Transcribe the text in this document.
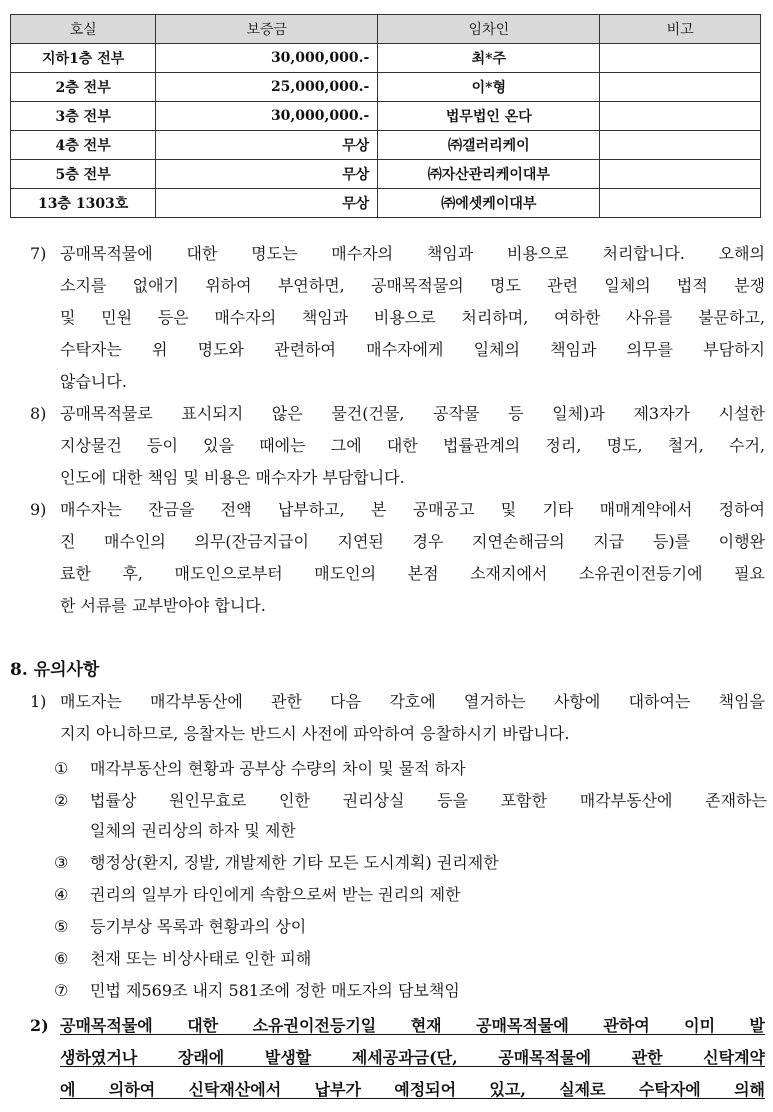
호실	보증금	임차인	비고
지하1층 전부	30,000,000.-	최*주	
2층 전부	25,000,000.-	이*형	
3층 전부	30,000,000.-	법무법인 온다	
4층 전부	무상	㈜갤러리케이	
5층 전부	무상	㈜자산관리케이대부	
13층 1303호	무상	㈜에셋케이대부	
7) 공매목적물에 대한 명도는 매수자의 책임과 비용으로 처리합니다. 오해의
소지를 없애기 위하여 부연하면, 공매목적물의 명도 관련 일체의 법적 분쟁
및 민원 등은 매수자의 책임과 비용으로 처리하며, 여하한 사유를 불문하고,
수탁자는 위 명도와 관련하여 매수자에게 일체의 책임과 의무를 부담하지
않습니다.
8) 공매목적물로 표시되지 않은 물건(건물, 공작물 등 일체)과 제3자가 시설한
지상물건 등이 있을 때에는 그에 대한 법률관계의 정리, 명도, 철거, 수거,
인도에 대한 책임 및 비용은 매수자가 부담합니다.
9) 매수자는 잔금을 전액 납부하고, 본 공매공고 및 기타 매매계약에서 정하여
진 매수인의 의무(잔금지급이 지연된 경우 지연손해금의 지급 등)를 이행완
료한 후, 매도인으로부터 매도인의 본점 소재지에서 소유권이전등기에 필요
한 서류를 교부받아야 합니다.
8. 유의사항
1) 매도자는 매각부동산에 관한 다음 각호에 열거하는 사항에 대하여는 책임을
지지 아니하므로, 응찰자는 반드시 사전에 파악하여 응찰하시기 바랍니다.
① 매각부동산의 현황과 공부상 수량의 차이 및 물적 하자
② 법률상 원인무효로 인한 권리상실 등을 포함한 매각부동산에 존재하는
일체의 권리상의 하자 및 제한
③ 행정상(환지, 징발, 개발제한 기타 모든 도시계획) 권리제한
④ 권리의 일부가 타인에게 속함으로써 받는 권리의 제한
⑤ 등기부상 목록과 현황과의 상이
⑥ 천재 또는 비상사태로 인한 피해
⑦ 민법 제569조 내지 581조에 정한 매도자의 담보책임
2) 공매목적물에 대한 소유권이전등기일 현재 공매목적물에 관하여 이미 발
생하였거나 장래에 발생할 제세공과금(단, 공매목적물에 관한 신탁계약
에 의하여 신탁재산에서 납부가 예정되어 있고, 실제로 수탁자에 의해
